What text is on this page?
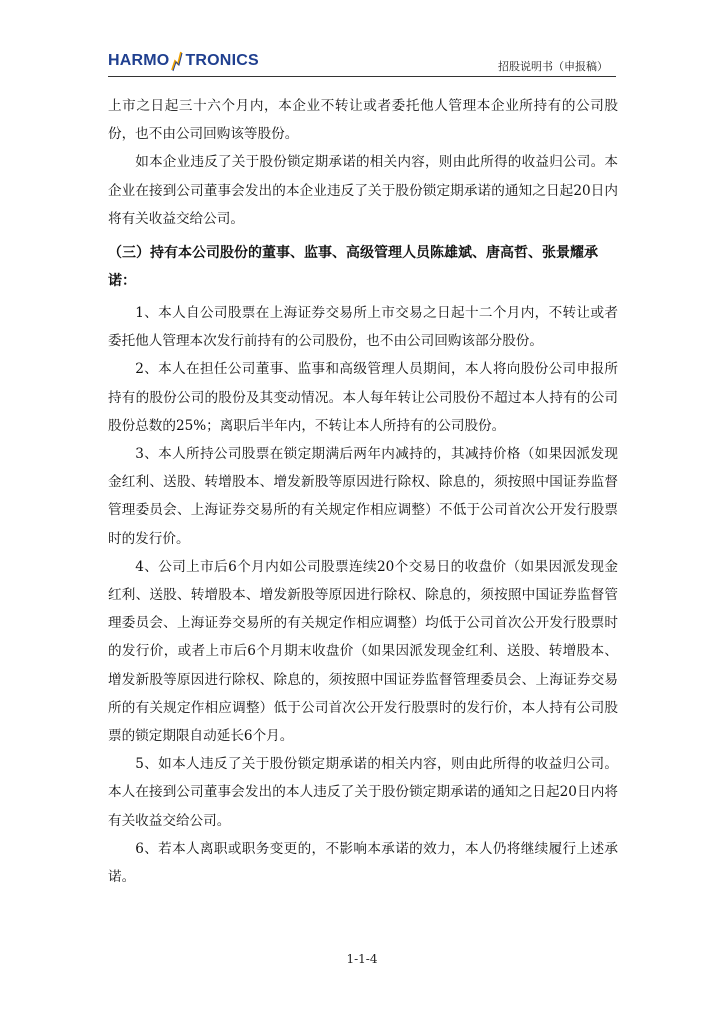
HARMO TRONICS	招股说明书（申报稿）

上市之日起三十六个月内，本企业不转让或者委托他人管理本企业所持有的公司股份，也不由公司回购该等股份。

如本企业违反了关于股份锁定期承诺的相关内容，则由此所得的收益归公司。本企业在接到公司董事会发出的本企业违反了关于股份锁定期承诺的通知之日起20日内将有关收益交给公司。

（三）持有本公司股份的董事、监事、高级管理人员陈雄斌、唐高哲、张景耀承诺：

1、本人自公司股票在上海证券交易所上市交易之日起十二个月内，不转让或者委托他人管理本次发行前持有的公司股份，也不由公司回购该部分股份。

2、本人在担任公司董事、监事和高级管理人员期间，本人将向股份公司申报所持有的股份公司的股份及其变动情况。本人每年转让公司股份不超过本人持有的公司股份总数的25%；离职后半年内，不转让本人所持有的公司股份。

3、本人所持公司股票在锁定期满后两年内减持的，其减持价格（如果因派发现金红利、送股、转增股本、增发新股等原因进行除权、除息的，须按照中国证券监督管理委员会、上海证券交易所的有关规定作相应调整）不低于公司首次公开发行股票时的发行价。

4、公司上市后6个月内如公司股票连续20个交易日的收盘价（如果因派发现金红利、送股、转增股本、增发新股等原因进行除权、除息的，须按照中国证券监督管理委员会、上海证券交易所的有关规定作相应调整）均低于公司首次公开发行股票时的发行价，或者上市后6个月期末收盘价（如果因派发现金红利、送股、转增股本、增发新股等原因进行除权、除息的，须按照中国证券监督管理委员会、上海证券交易所的有关规定作相应调整）低于公司首次公开发行股票时的发行价，本人持有公司股票的锁定期限自动延长6个月。

5、如本人违反了关于股份锁定期承诺的相关内容，则由此所得的收益归公司。本人在接到公司董事会发出的本人违反了关于股份锁定期承诺的通知之日起20日内将有关收益交给公司。

6、若本人离职或职务变更的，不影响本承诺的效力，本人仍将继续履行上述承诺。

1-1-4
